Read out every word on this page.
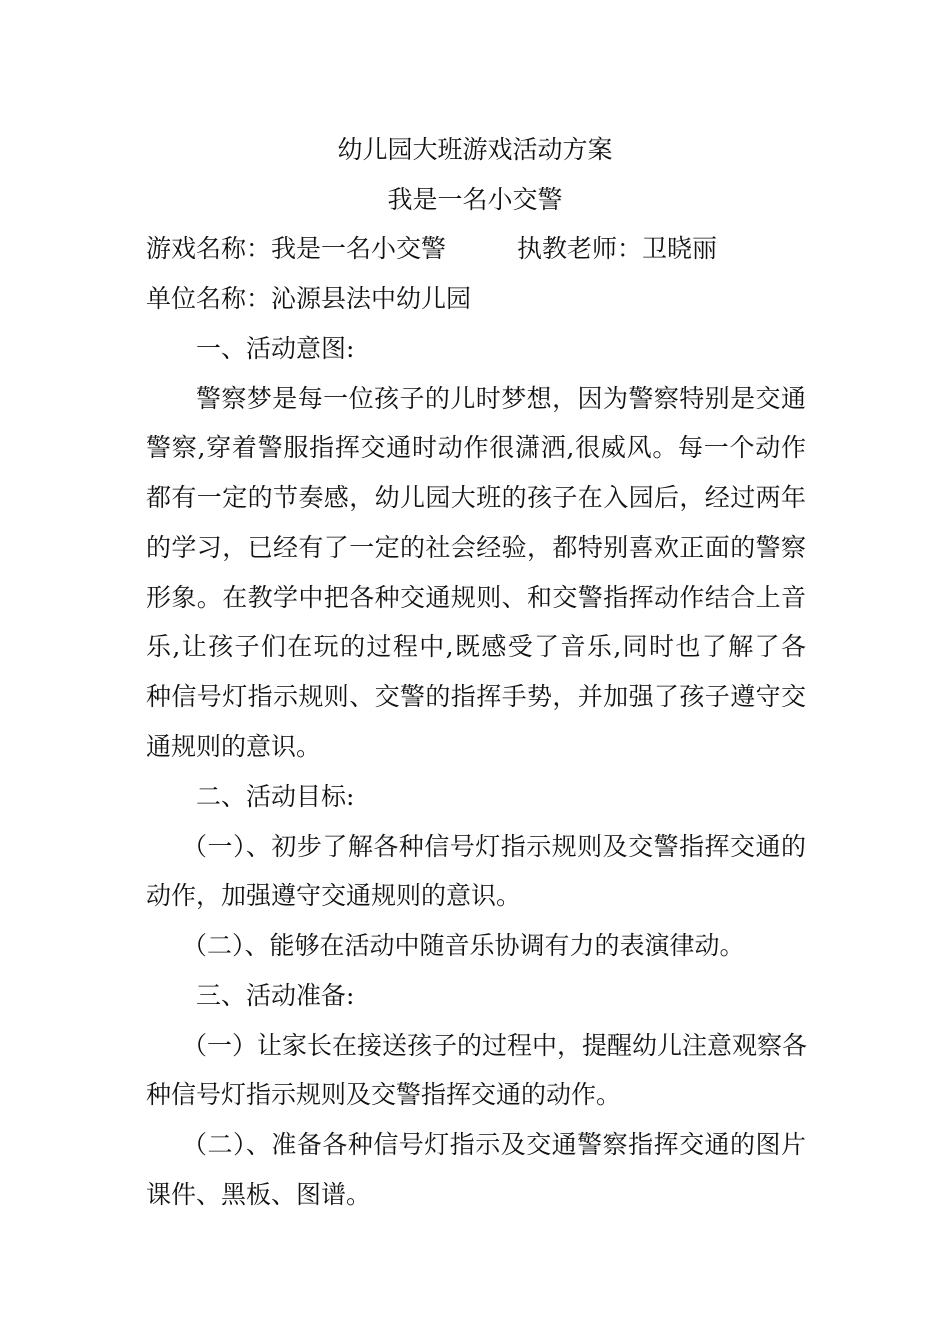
幼儿园大班游戏活动方案
我是一名小交警
游戏名称：我是一名小交警	执教老师：卫晓丽
单位名称：沁源县法中幼儿园
一、活动意图:
警察梦是每一位孩子的儿时梦想，因为警察特别是交通
警察,穿着警服指挥交通时动作很潇洒,很威风。每一个动作
都有一定的节奏感，幼儿园大班的孩子在入园后，经过两年
的学习，已经有了一定的社会经验，都特别喜欢正面的警察
形象。在教学中把各种交通规则、和交警指挥动作结合上音
乐,让孩子们在玩的过程中,既感受了音乐,同时也了解了各
种信号灯指示规则、交警的指挥手势，并加强了孩子遵守交
通规则的意识。
二、活动目标:
（一）、初步了解各种信号灯指示规则及交警指挥交通的
动作，加强遵守交通规则的意识。
（二）、能够在活动中随音乐协调有力的表演律动。
三、活动准备:
（一）让家长在接送孩子的过程中，提醒幼儿注意观察各
种信号灯指示规则及交警指挥交通的动作。
（二）、准备各种信号灯指示及交通警察指挥交通的图片
课件、黑板、图谱。
